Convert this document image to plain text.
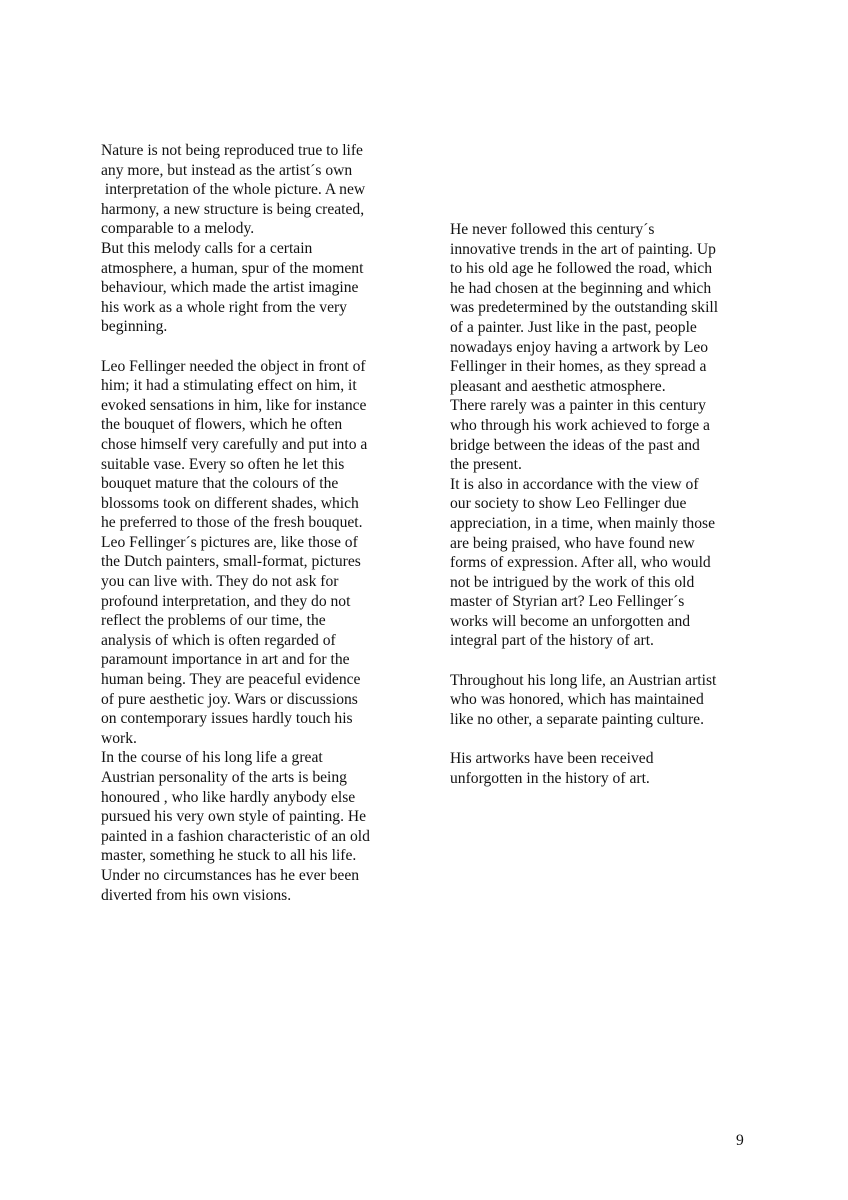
Nature is not being reproduced true to life
any more, but instead as the artist´s own
interpretation of the whole picture. A new
harmony, a new structure is being created,
comparable to a melody.
But this melody calls for a certain
atmosphere, a human, spur of the moment
behaviour, which made the artist imagine
his work as a whole right from the very
beginning.
Leo Fellinger needed the object in front of
him; it had a stimulating effect on him, it
evoked sensations in him, like for instance
the bouquet of flowers, which he often
chose himself very carefully and put into a
suitable vase. Every so often he let this
bouquet mature that the colours of the
blossoms took on different shades, which
he preferred to those of the fresh bouquet.
Leo Fellinger´s pictures are, like those of
the Dutch painters, small-format, pictures
you can live with. They do not ask for
profound interpretation, and they do not
reflect the problems of our time, the
analysis of which is often regarded of
paramount importance in art and for the
human being. They are peaceful evidence
of pure aesthetic joy. Wars or discussions
on contemporary issues hardly touch his
work.
In the course of his long life a great
Austrian personality of the arts is being
honoured , who like hardly anybody else
pursued his very own style of painting. He
painted in a fashion characteristic of an old
master, something he stuck to all his life.
Under no circumstances has he ever been
diverted from his own visions.
He never followed this century´s
innovative trends in the art of painting. Up
to his old age he followed the road, which
he had chosen at the beginning and which
was predetermined by the outstanding skill
of a painter. Just like in the past, people
nowadays enjoy having a artwork by Leo
Fellinger in their homes, as they spread a
pleasant and aesthetic atmosphere.
There rarely was a painter in this century
who through his work achieved to forge a
bridge between the ideas of the past and
the present.
It is also in accordance with the view of
our society to show Leo Fellinger due
appreciation, in a time, when mainly those
are being praised, who have found new
forms of expression. After all, who would
not be intrigued by the work of this old
master of Styrian art? Leo Fellinger´s
works will become an unforgotten and
integral part of the history of art.
Throughout his long life, an Austrian artist
who was honored, which has maintained
like no other, a separate painting culture.
His artworks have been received
unforgotten in the history of art.
9
